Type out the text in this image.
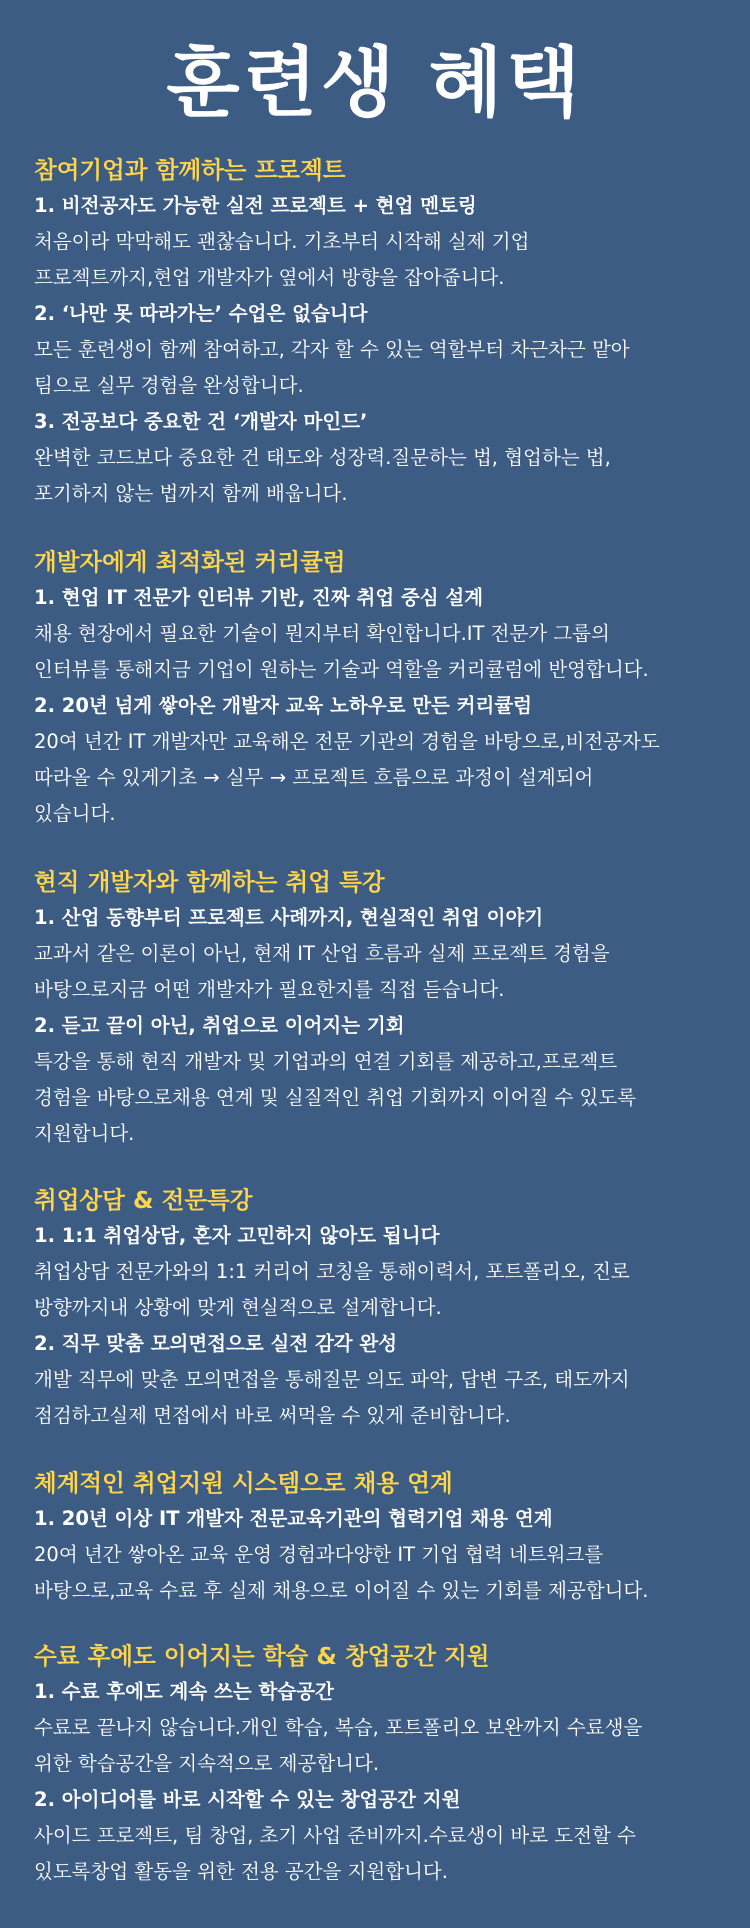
훈련생 혜택
참여기업과 함께하는 프로젝트
1. 비전공자도 가능한 실전 프로젝트 + 현업 멘토링
처음이라 막막해도 괜찮습니다. 기초부터 시작해 실제 기업
프로젝트까지,현업 개발자가 옆에서 방향을 잡아줍니다.
2. ‘나만 못 따라가는’ 수업은 없습니다
모든 훈련생이 함께 참여하고, 각자 할 수 있는 역할부터 차근차근 맡아
팀으로 실무 경험을 완성합니다.
3. 전공보다 중요한 건 ‘개발자 마인드’
완벽한 코드보다 중요한 건 태도와 성장력.질문하는 법, 협업하는 법,
포기하지 않는 법까지 함께 배웁니다.
개발자에게 최적화된 커리큘럼
1. 현업 IT 전문가 인터뷰 기반, 진짜 취업 중심 설계
채용 현장에서 필요한 기술이 뭔지부터 확인합니다.IT 전문가 그룹의
인터뷰를 통해지금 기업이 원하는 기술과 역할을 커리큘럼에 반영합니다.
2. 20년 넘게 쌓아온 개발자 교육 노하우로 만든 커리큘럼
20여 년간 IT 개발자만 교육해온 전문 기관의 경험을 바탕으로,비전공자도
따라올 수 있게기초 → 실무 → 프로젝트 흐름으로 과정이 설계되어
있습니다.
현직 개발자와 함께하는 취업 특강
1. 산업 동향부터 프로젝트 사례까지, 현실적인 취업 이야기
교과서 같은 이론이 아닌, 현재 IT 산업 흐름과 실제 프로젝트 경험을
바탕으로지금 어떤 개발자가 필요한지를 직접 듣습니다.
2. 듣고 끝이 아닌, 취업으로 이어지는 기회
특강을 통해 현직 개발자 및 기업과의 연결 기회를 제공하고,프로젝트
경험을 바탕으로채용 연계 및 실질적인 취업 기회까지 이어질 수 있도록
지원합니다.
취업상담 & 전문특강
1. 1:1 취업상담, 혼자 고민하지 않아도 됩니다
취업상담 전문가와의 1:1 커리어 코칭을 통해이력서, 포트폴리오, 진로
방향까지내 상황에 맞게 현실적으로 설계합니다.
2. 직무 맞춤 모의면접으로 실전 감각 완성
개발 직무에 맞춘 모의면접을 통해질문 의도 파악, 답변 구조, 태도까지
점검하고실제 면접에서 바로 써먹을 수 있게 준비합니다.
체계적인 취업지원 시스템으로 채용 연계
1. 20년 이상 IT 개발자 전문교육기관의 협력기업 채용 연계
20여 년간 쌓아온 교육 운영 경험과다양한 IT 기업 협력 네트워크를
바탕으로,교육 수료 후 실제 채용으로 이어질 수 있는 기회를 제공합니다.
수료 후에도 이어지는 학습 & 창업공간 지원
1. 수료 후에도 계속 쓰는 학습공간
수료로 끝나지 않습니다.개인 학습, 복습, 포트폴리오 보완까지 수료생을
위한 학습공간을 지속적으로 제공합니다.
2. 아이디어를 바로 시작할 수 있는 창업공간 지원
사이드 프로젝트, 팀 창업, 초기 사업 준비까지.수료생이 바로 도전할 수
있도록창업 활동을 위한 전용 공간을 지원합니다.
